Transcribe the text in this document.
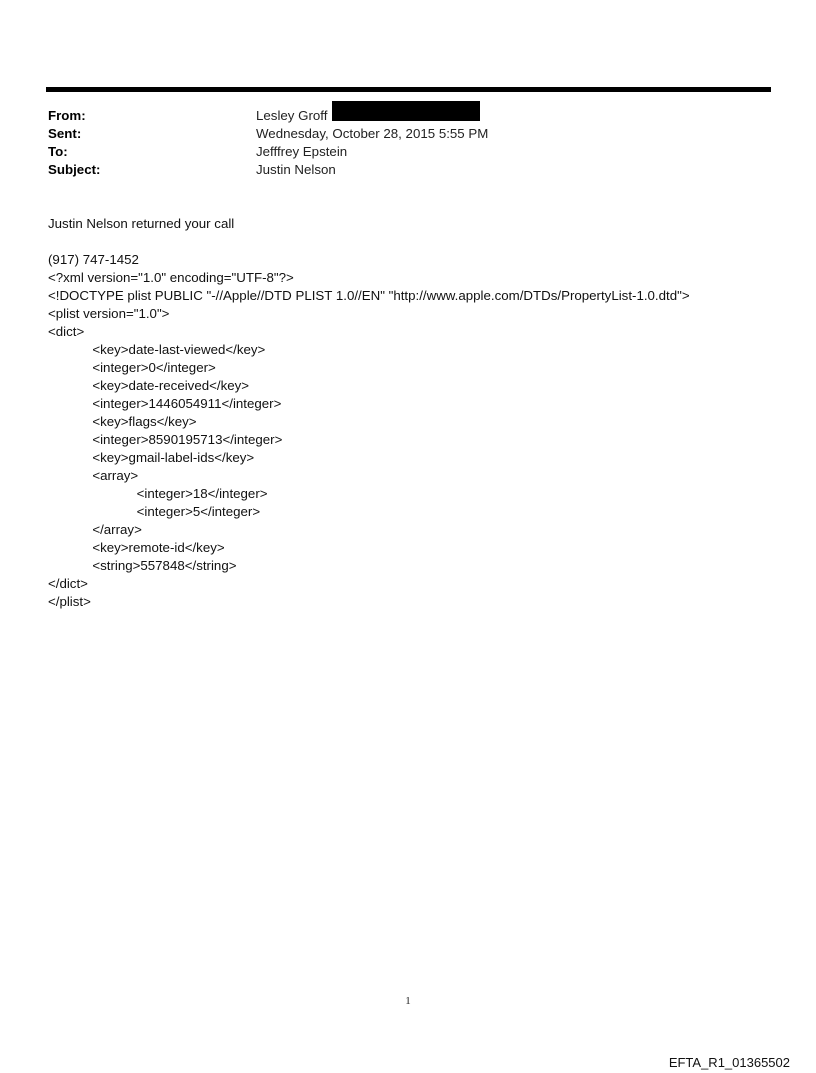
From:	Lesley Groff
Sent:	Wednesday, October 28, 2015 5:55 PM
To:	Jefffrey Epstein
Subject:	Justin Nelson
Justin Nelson returned your call
(917) 747-1452
<?xml version="1.0" encoding="UTF-8"?>
<!DOCTYPE plist PUBLIC "-//Apple//DTD PLIST 1.0//EN" "http://www.apple.com/DTDs/PropertyList-1.0.dtd">
<plist version="1.0">
<dict>
<key>date-last-viewed</key>
<integer>0</integer>
<key>date-received</key>
<integer>1446054911</integer>
<key>flags</key>
<integer>8590195713</integer>
<key>gmail-label-ids</key>
<array>
<integer>18</integer>
<integer>5</integer>
</array>
<key>remote-id</key>
<string>557848</string>
</dict>
</plist>
1
EFTA_R1_01365502
